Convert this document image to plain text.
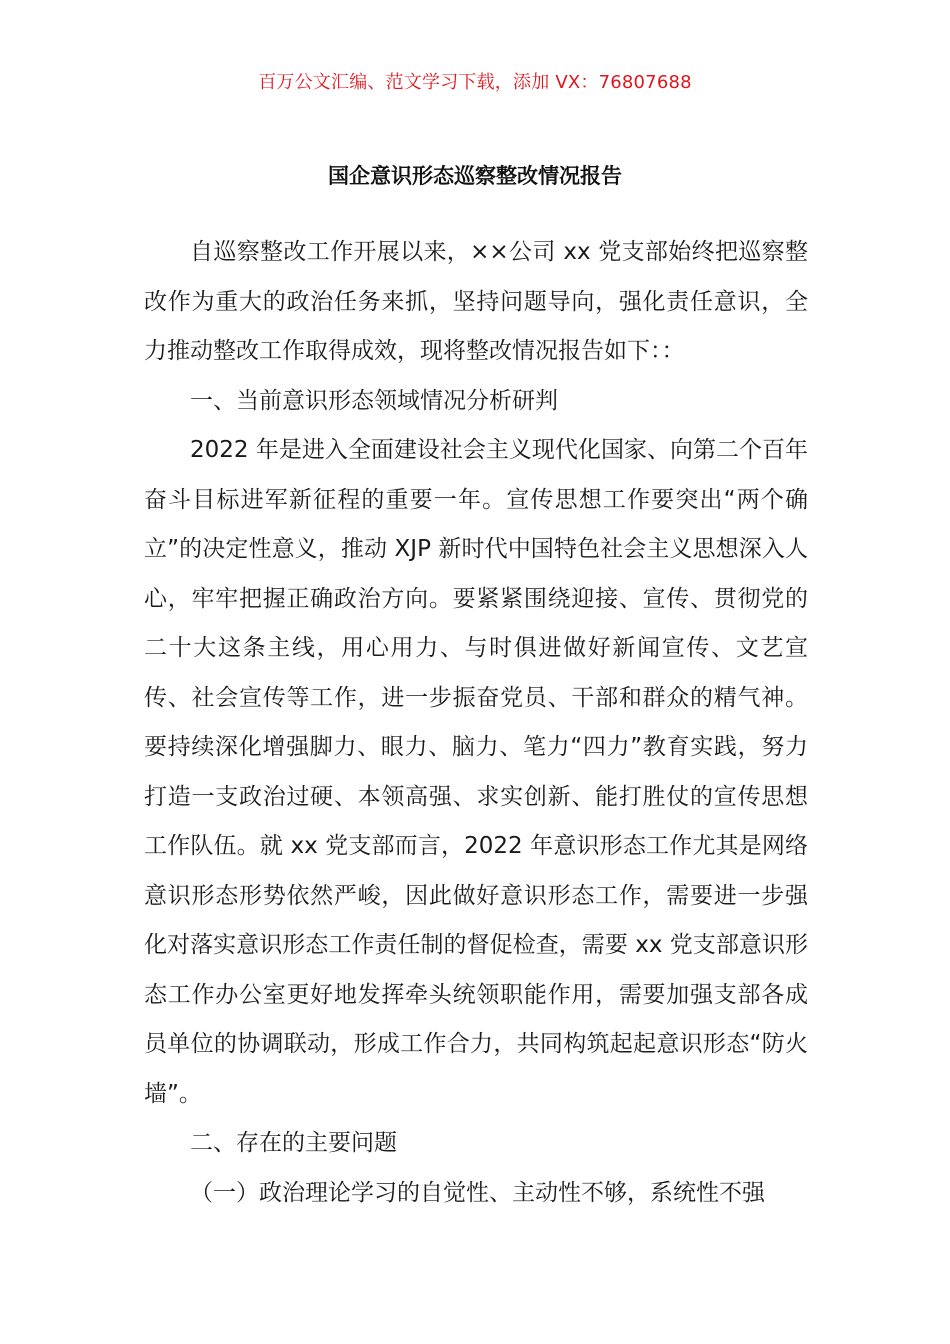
百万公文汇编、范文学习下载，添加 VX：76807688
国企意识形态巡察整改情况报告

自巡察整改工作开展以来，××公司 xx 党支部始终把巡察整改作为重大的政治任务来抓，坚持问题导向，强化责任意识，全力推动整改工作取得成效，现将整改情况报告如下：：

一、当前意识形态领域情况分析研判

2022 年是进入全面建设社会主义现代化国家、向第二个百年奋斗目标进军新征程的重要一年。宣传思想工作要突出“两个确立”的决定性意义，推动 XJP 新时代中国特色社会主义思想深入人心，牢牢把握正确政治方向。要紧紧围绕迎接、宣传、贯彻党的二十大这条主线，用心用力、与时俱进做好新闻宣传、文艺宣传、社会宣传等工作，进一步振奋党员、干部和群众的精气神。要持续深化增强脚力、眼力、脑力、笔力“四力”教育实践，努力打造一支政治过硬、本领高强、求实创新、能打胜仗的宣传思想工作队伍。就 xx 党支部而言，2022 年意识形态工作尤其是网络意识形态形势依然严峻，因此做好意识形态工作，需要进一步强化对落实意识形态工作责任制的督促检查，需要 xx 党支部意识形态工作办公室更好地发挥牵头统领职能作用，需要加强支部各成员单位的协调联动，形成工作合力，共同构筑起起意识形态“防火墙”。

二、存在的主要问题

（一）政治理论学习的自觉性、主动性不够，系统性不强
